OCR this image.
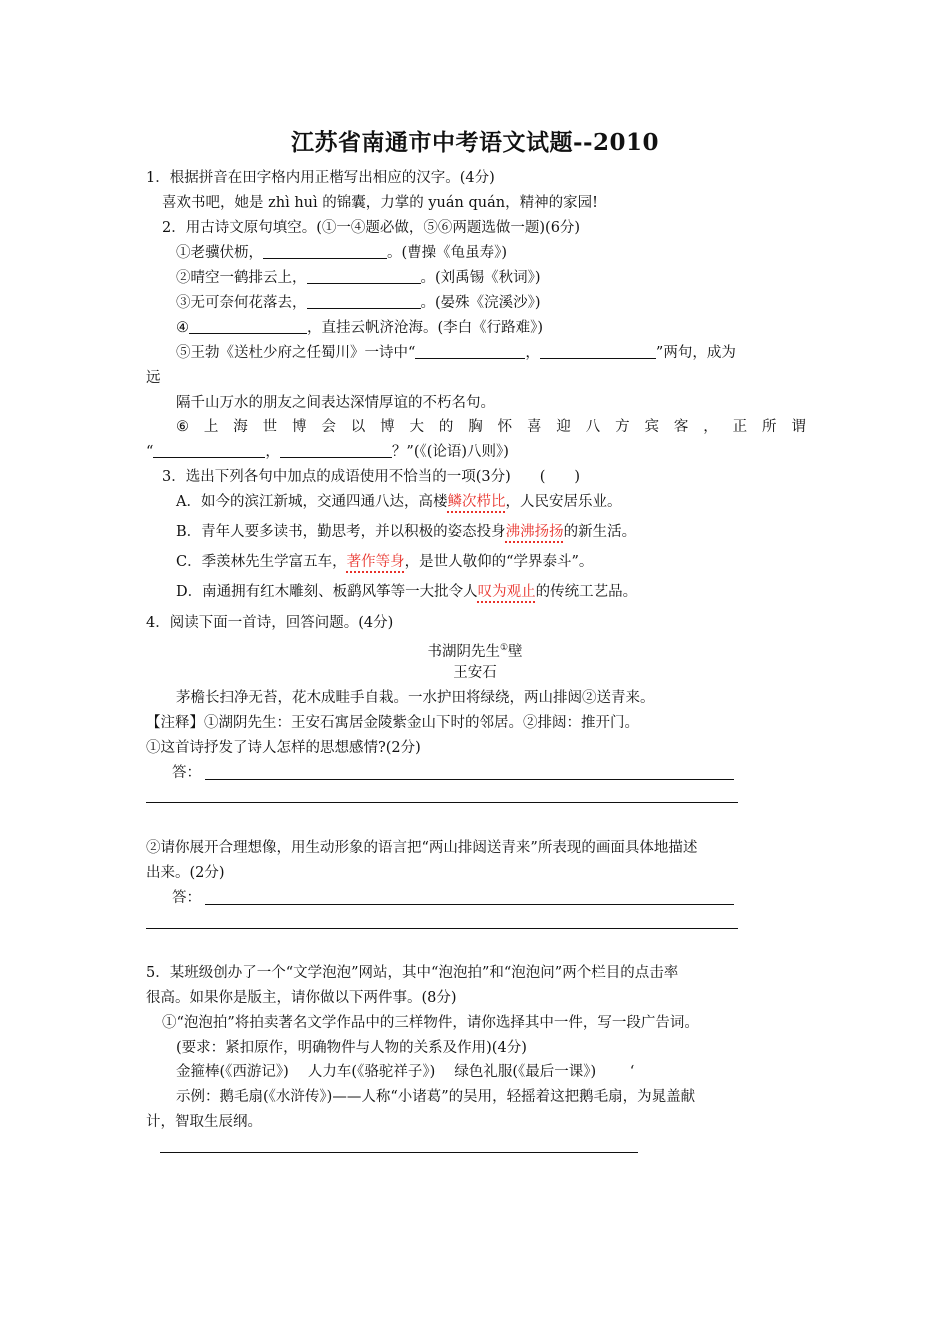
江苏省南通市中考语文试题--2010
1．根据拼音在田字格内用正楷写出相应的汉字。(4分)
喜欢书吧，她是 zhì huì 的锦囊，力掌的 yuán quán，精神的家园!
2．用古诗文原句填空。(①一④题必做，⑤⑥两题选做一题)(6分)
①老骥伏枥，	。(曹操《龟虽寿》)
②晴空一鹤排云上，	。(刘禹锡《秋词》)
③无可奈何花落去，	。(晏殊《浣溪沙》)
④	，直挂云帆济沧海。(李白《行路难》)
⑤王勃《送杜少府之任蜀川》一诗中“	，	”两句，成为
远
隔千山万水的朋友之间表达深情厚谊的不朽名句。
⑥ 上 海 世 博 会 以 博 大 的 胸 怀 喜 迎 八 方 宾 客 ， 正 所 谓
“	，	？”(《(论语)八则》)
3．选出下列各句中加点的成语使用不恰当的一项(3分)　　(　　)
A．如今的滨江新城，交通四通八达，高楼鳞次栉比，人民安居乐业。
B．青年人要多读书，勤思考，并以积极的姿态投身沸沸扬扬的新生活。
C．季羡林先生学富五车，著作等身，是世人敬仰的“学界泰斗”。
D．南通拥有红木雕刻、板鹞风筝等一大批令人叹为观止的传统工艺品。
4．阅读下面一首诗，回答问题。(4分)
书湖阴先生①壁
王安石
茅檐长扫净无苔，花木成畦手自栽。一水护田将绿绕，两山排闼②送青来。
【注释】①湖阴先生：王安石寓居金陵紫金山下时的邻居。②排闼：推开门。
①这首诗抒发了诗人怎样的思想感情?(2分)
答：
②请你展开合理想像，用生动形象的语言把“两山排闼送青来”所表现的画面具体地描述
出来。(2分)
答：
5．某班级创办了一个“文学泡泡”网站，其中“泡泡拍”和“泡泡问”两个栏目的点击率
很高。如果你是版主，请你做以下两件事。(8分)
①“泡泡拍”将拍卖著名文学作品中的三样物件，请你选择其中一件，写一段广告词。
(要求：紧扣原作，明确物件与人物的关系及作用)(4分)
金箍棒(《西游记》)　 人力车(《骆驼祥子》)　 绿色礼服(《最后一课》)　　 ‘
示例：鹅毛扇(《水浒传》)——人称“小诸葛”的吴用，轻摇着这把鹅毛扇，为晁盖献
计，智取生辰纲。
